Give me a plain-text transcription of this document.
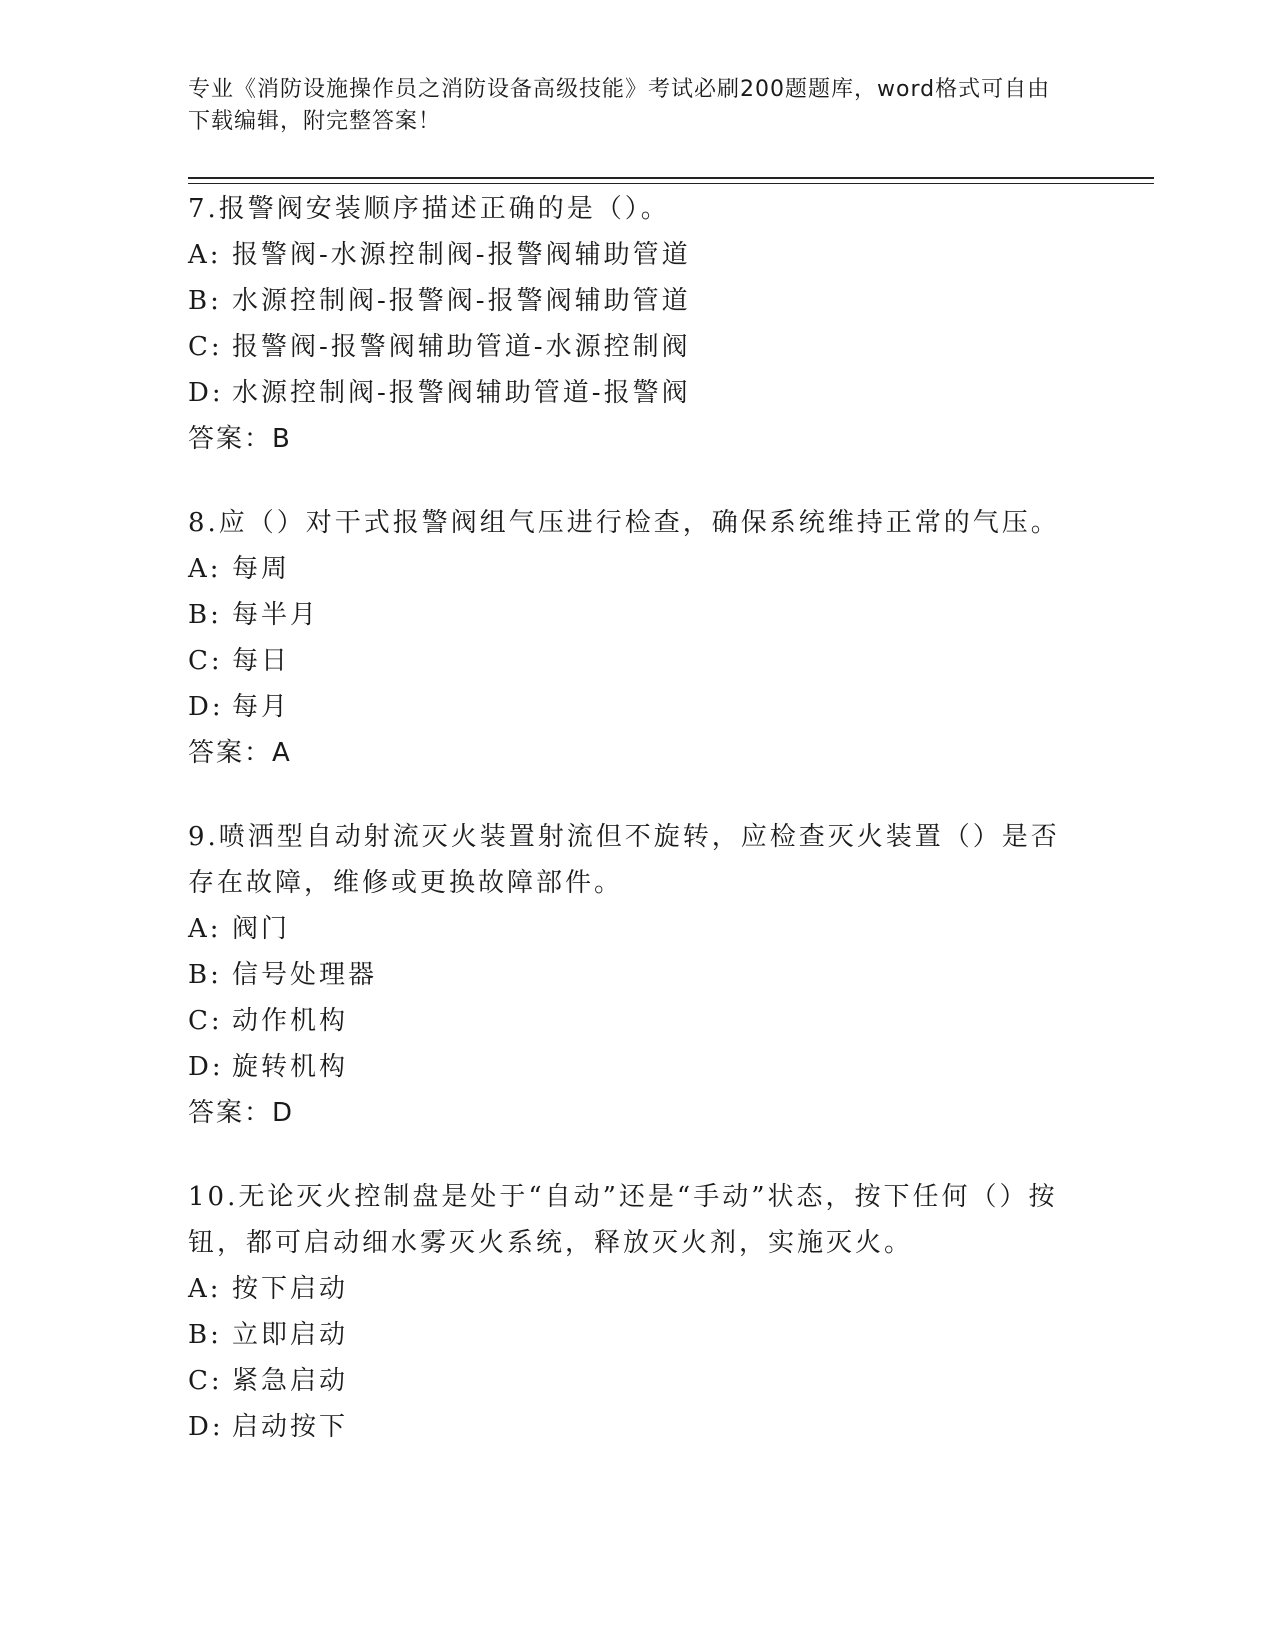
专业《消防设施操作员之消防设备高级技能》考试必刷200题题库，word格式可自由下载编辑，附完整答案！

7.报警阀安装顺序描述正确的是（）。

A: 报警阀-水源控制阀-报警阀辅助管道

B: 水源控制阀-报警阀-报警阀辅助管道

C: 报警阀-报警阀辅助管道-水源控制阀

D: 水源控制阀-报警阀辅助管道-报警阀

答案：B

8.应（）对干式报警阀组气压进行检查，确保系统维持正常的气压。

A: 每周

B: 每半月

C: 每日

D: 每月

答案：A

9.喷洒型自动射流灭火装置射流但不旋转，应检查灭火装置（）是否存在故障，维修或更换故障部件。

A: 阀门

B: 信号处理器

C: 动作机构

D: 旋转机构

答案：D

10.无论灭火控制盘是处于“自动”还是“手动”状态，按下任何（）按钮，都可启动细水雾灭火系统，释放灭火剂，实施灭火。

A: 按下启动

B: 立即启动

C: 紧急启动

D: 启动按下
